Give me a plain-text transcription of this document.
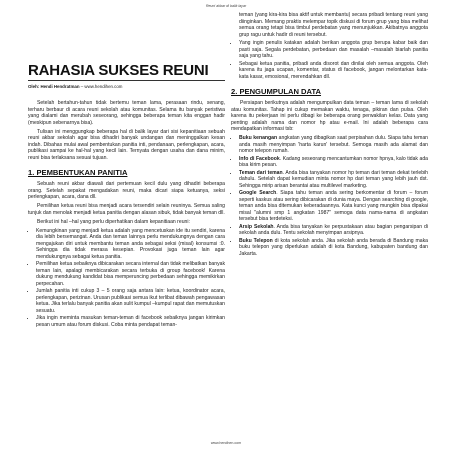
Reuni akbar di balik layar
RAHASIA SUKSES REUNI
Oleh: Hendi Hendratman – www.hendihen.com

Setelah bertahun-tahun tidak bertemu teman lama, perasaan rindu, senang, terharu berbaur di acara reuni sekolah atau komunitas. Selama itu banyak peristiwa yang dialami dan merubah seseorang, sehingga beberapa teman kita enggan hadir (meskipun sebenarnya bisa).

Tulisan ini menggungkap beberapa hal di balik layar dari sisi kepanitiaan sebuah reuni akbar sekolah agar bisa dihadiri banyak undangan dan meninggalkan kesan indah. Dibahas mulai awal pembentukan panitia inti, pendanaan, perlengkapan, acara, publikasi sampai ke hal-hal yang kecil lain. Ternyata dengan usaha dan dana minim, reuni bisa terlaksana sesuai tujuan.

1. PEMBENTUKAN PANITIA

Sebuah reuni akbar diawali dari pertemuan kecil dulu yang dihadiri beberapa orang. Setelah sepakat mengadakan reuni, maka dicari siapa ketuanya, seksi perlengkapan, acara, dana dll.

Pemilihan ketua reuni bisa menjadi acara tersendiri selain reuninya. Semua saling tunjuk dan menolak menjadi ketua panitia dengan alasan sibuk, tidak banyak teman dll.

Berikut ini hal –hal yang perlu diperhatikan dalam kepanitiaan reuni:

• Kemungkinan yang menjadi ketua adalah yang mencetuskan ide itu sendiri, karena dia lebih bersemangat. Anda dan teman lainnya perlu mendukungnya dengan cara mengajukan diri untuk membantu teman anda sebagai seksi (misal) konsumsi :0. Sehingga dia tidak merasa kesepian. Provokasi juga teman lain agar mendukungnya sebagai ketua panitia.
• Pemilihan ketua sebaiknya dibicarakan secara internal dan tidak melibatkan banyak teman lain, apalagi membicarakan secara terbuka di group facebook! Karena dukung mendukung kandidat bisa memperuncing perbedaan sehingga memikirkan perpecahan.
• Jumlah panitia inti cukup 3 – 5 orang saja antara lain: ketua, koordinator acara, perlengkapan, perizinan. Urusan publikasi semua ikut terlibat dibawah pengawasan ketua. Jika terlalu banyak panitia akan sulit kumpul –kumpul rapat dan memutuskan sesuatu.
• Jika ingin meminta masukan teman-teman di facebook sebaiknya jangan kirimkan pesan umum atau forum diskusi. Coba minta pendapat teman-
teman (yang kira-kira bisa aktif untuk membantu) secara pribadi tentang reuni yang diinginkan. Memang praktis melempar topik diskusi di forum grup yang bisa melihat semua orang tetapi bisa timbul perdebatan yang menunjukkan. Akibatnya anggota grup ragu untuk hadir di reuni tersebut.
• Yang ingin penulis katakan adalah berikan anggota grup berupa kabar baik dan pasti saja. Segala perdebatan, perbedaan dan masalah –masalah biarlah panitia saja yang tahu.
• Sebagai ketua panitia, pribadi anda disorot dan dinilai oleh semua anggota. Oleh karena itu jaga ucapan, komentar, status di facebook, jangan melontarkan kata-kata kasar, emosional, merendahkan dll.
2. PENGUMPULAN DATA

Persiapan berikutnya adalah mengumpulkan data teman – teman lama di sekolah atau komunitas. Tahap ini cukup memakan waktu, tenaga, pikiran dan pulsa. Oleh karena itu pekerjaan ini perlu dibagi ke beberapa orang perwakilan kelas. Data yang penting adalah nama dan nomor hp atau e-mail. Ini adalah beberapa cara mendapatkan informasi tsb:

• Buku kenangan angkatan yang dibagikan saat perpisahan dulu. Siapa tahu teman anda masih menyimpan 'harta karun' tersebut. Semoga masih ada alamat dan nomor telepon rumah.
• Info di Facebook. Kadang seseorang mencantumkan nomor hpnya, kalo tidak ada bisa kirim pesan.
• Teman dari teman. Anda bisa tanyakan nomor hp teman dari teman dekat terlebih dahulu. Setelah dapat kemudian minta nomor hp dari teman yang lebih jauh dst. Sehingga mirip arisan berantai atau multilevel marketing.
• Google Search. Siapa tahu teman anda sering berkomentar di forum – forum seperti kaskus atau sering dibicarakan di dunia maya. Dengan searching di google, teman anda bisa ditemukan keberadaannya. Kata kunci yang mungkin bisa dipakai misal "alumni smp 1 angkatan 1987" semoga data nama-nama di angkatan tersebut bisa terdeteksi.
• Arsip Sekolah. Anda bisa tanyakan ke perpustakaan atau bagian pengarsipan di sekolah anda dulu. Tentu sekolah menyimpan arsipnya.
• Buku Telepon di kota sekolah anda. Jika sekolah anda berada di Bandung maka buku telepon yang diperlukan adalah di kota Bandung, kabupaten bandung dan Jakarta.
www.hendhen.com
